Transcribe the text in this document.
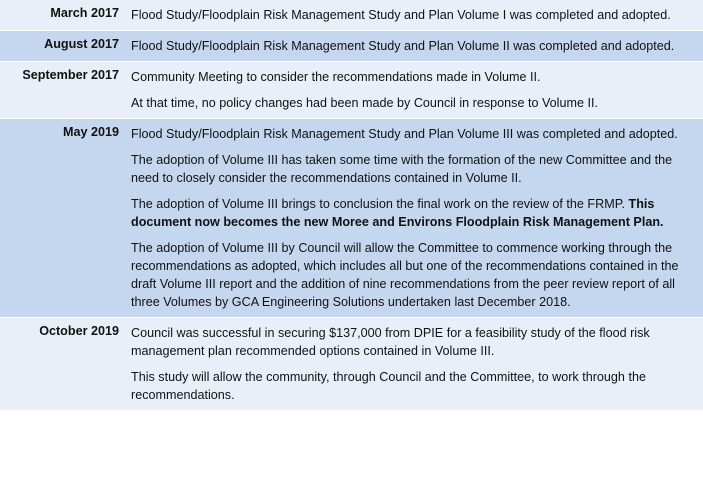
March 2017	Flood Study/Floodplain Risk Management Study and Plan Volume I was completed and adopted.

August 2017	Flood Study/Floodplain Risk Management Study and Plan Volume II was completed and adopted.

September 2017	Community Meeting to consider the recommendations made in Volume II.

At that time, no policy changes had been made by Council in response to Volume II.

May 2019	Flood Study/Floodplain Risk Management Study and Plan Volume III was completed and adopted.

The adoption of Volume III has taken some time with the formation of the new Committee and the need to closely consider the recommendations contained in Volume II.

The adoption of Volume III brings to conclusion the final work on the review of the FRMP. This document now becomes the new Moree and Environs Floodplain Risk Management Plan.

The adoption of Volume III by Council will allow the Committee to commence working through the recommendations as adopted, which includes all but one of the recommendations contained in the draft Volume III report and the addition of nine recommendations from the peer review report of all three Volumes by GCA Engineering Solutions undertaken last December 2018.

October 2019	Council was successful in securing $137,000 from DPIE for a feasibility study of the flood risk management plan recommended options contained in Volume III.

This study will allow the community, through Council and the Committee, to work through the recommendations.
